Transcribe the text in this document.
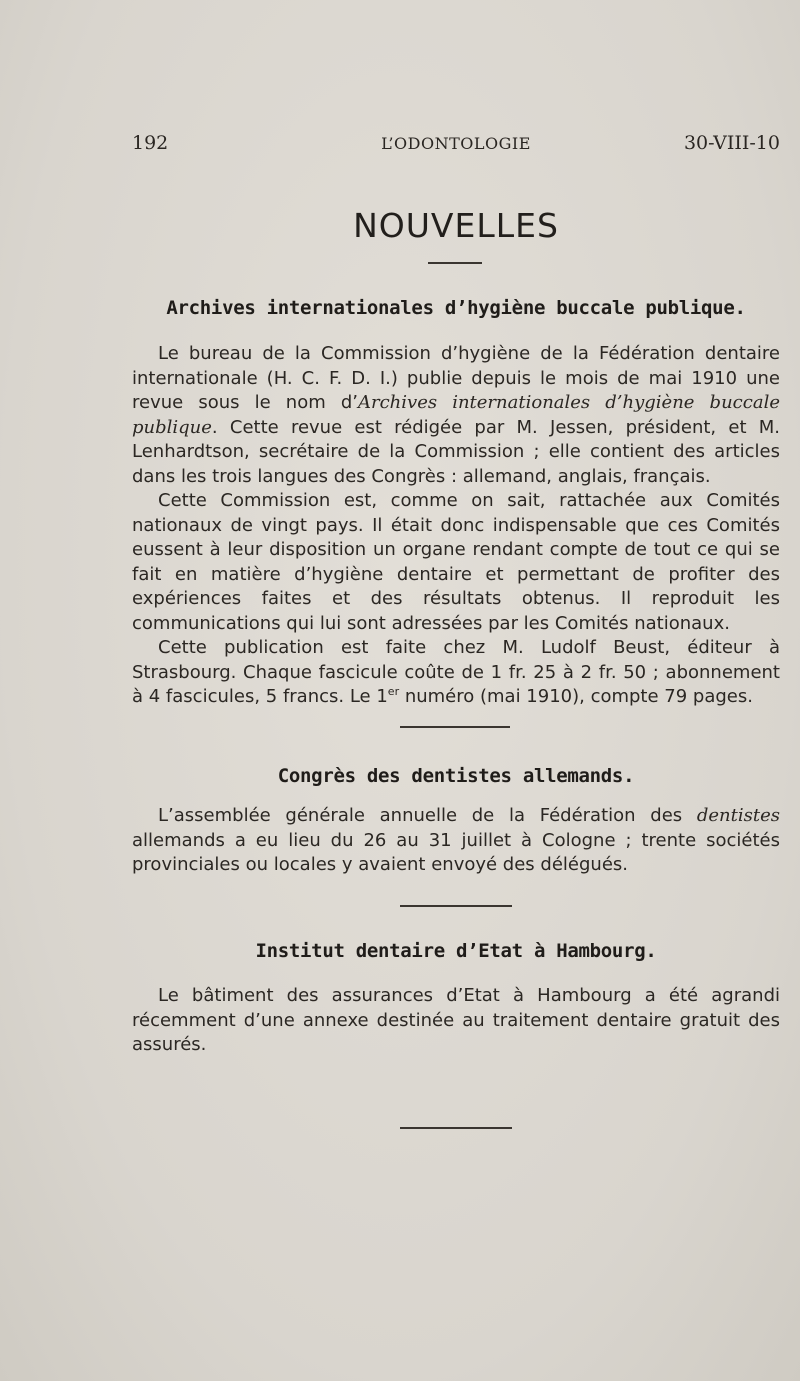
192	L’ODONTOLOGIE	30-VIII-10
NOUVELLES
Archives internationales d’hygiène buccale publique.

Le bureau de la Commission d’hygiène de la Fédération dentaire internationale (H. C. F. D. I.) publie depuis le mois de mai 1910 une revue sous le nom d’Archives internationales d’hygiène buccale publique. Cette revue est rédigée par M. Jessen, président, et M. Lenhardtson, secrétaire de la Commission ; elle contient des articles dans les trois langues des Congrès : allemand, anglais, français.

Cette Commission est, comme on sait, rattachée aux Comités nationaux de vingt pays. Il était donc indispensable que ces Comités eussent à leur disposition un organe rendant compte de tout ce qui se fait en matière d’hygiène dentaire et permettant de profiter des expériences faites et des résultats obtenus. Il reproduit les communications qui lui sont adressées par les Comités nationaux.

Cette publication est faite chez M. Ludolf Beust, éditeur à Strasbourg. Chaque fascicule coûte de 1 fr. 25 à 2 fr. 50 ; abonnement à 4 fascicules, 5 francs. Le 1er numéro (mai 1910), compte 79 pages.

Congrès des dentistes allemands.

L’assemblée générale annuelle de la Fédération des dentistes allemands a eu lieu du 26 au 31 juillet à Cologne ; trente sociétés provinciales ou locales y avaient envoyé des délégués.

Institut dentaire d’Etat à Hambourg.

Le bâtiment des assurances d’Etat à Hambourg a été agrandi récemment d’une annexe destinée au traitement dentaire gratuit des assurés.
